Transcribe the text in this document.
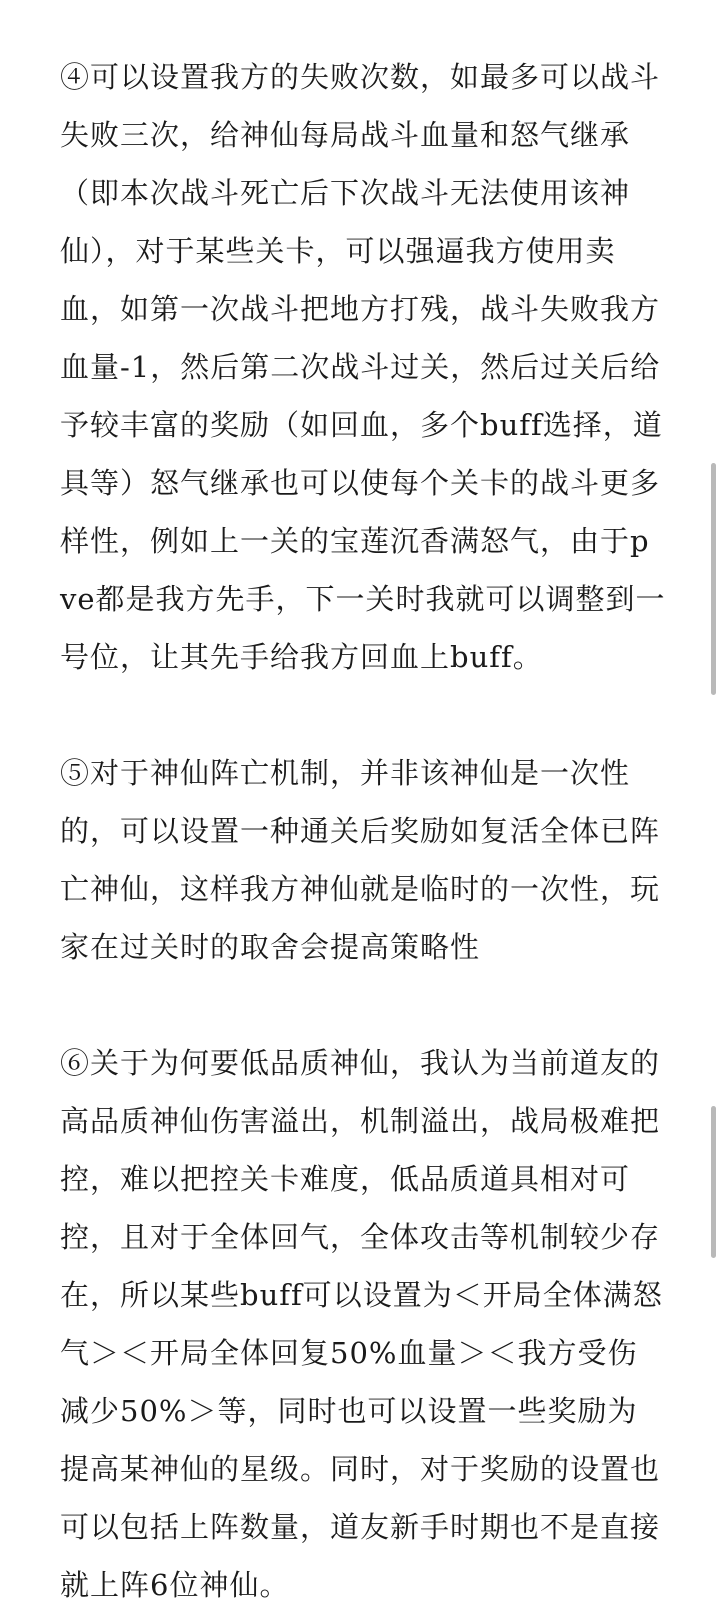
④可以设置我方的失败次数，如最多可以战斗失败三次，给神仙每局战斗血量和怒气继承（即本次战斗死亡后下次战斗无法使用该神仙），对于某些关卡，可以强逼我方使用卖血，如第一次战斗把地方打残，战斗失败我方血量-1，然后第二次战斗过关，然后过关后给予较丰富的奖励（如回血，多个buff选择，道具等）怒气继承也可以使每个关卡的战斗更多样性，例如上一关的宝莲沉香满怒气，由于pve都是我方先手，下一关时我就可以调整到一号位，让其先手给我方回血上buff。

⑤对于神仙阵亡机制，并非该神仙是一次性的，可以设置一种通关后奖励如复活全体已阵亡神仙，这样我方神仙就是临时的一次性，玩家在过关时的取舍会提高策略性

⑥关于为何要低品质神仙，我认为当前道友的高品质神仙伤害溢出，机制溢出，战局极难把控，难以把控关卡难度，低品质道具相对可控，且对于全体回气，全体攻击等机制较少存在，所以某些buff可以设置为＜开局全体满怒气＞＜开局全体回复50%血量＞＜我方受伤减少50%＞等，同时也可以设置一些奖励为提高某神仙的星级。同时，对于奖励的设置也可以包括上阵数量，道友新手时期也不是直接就上阵6位神仙。
